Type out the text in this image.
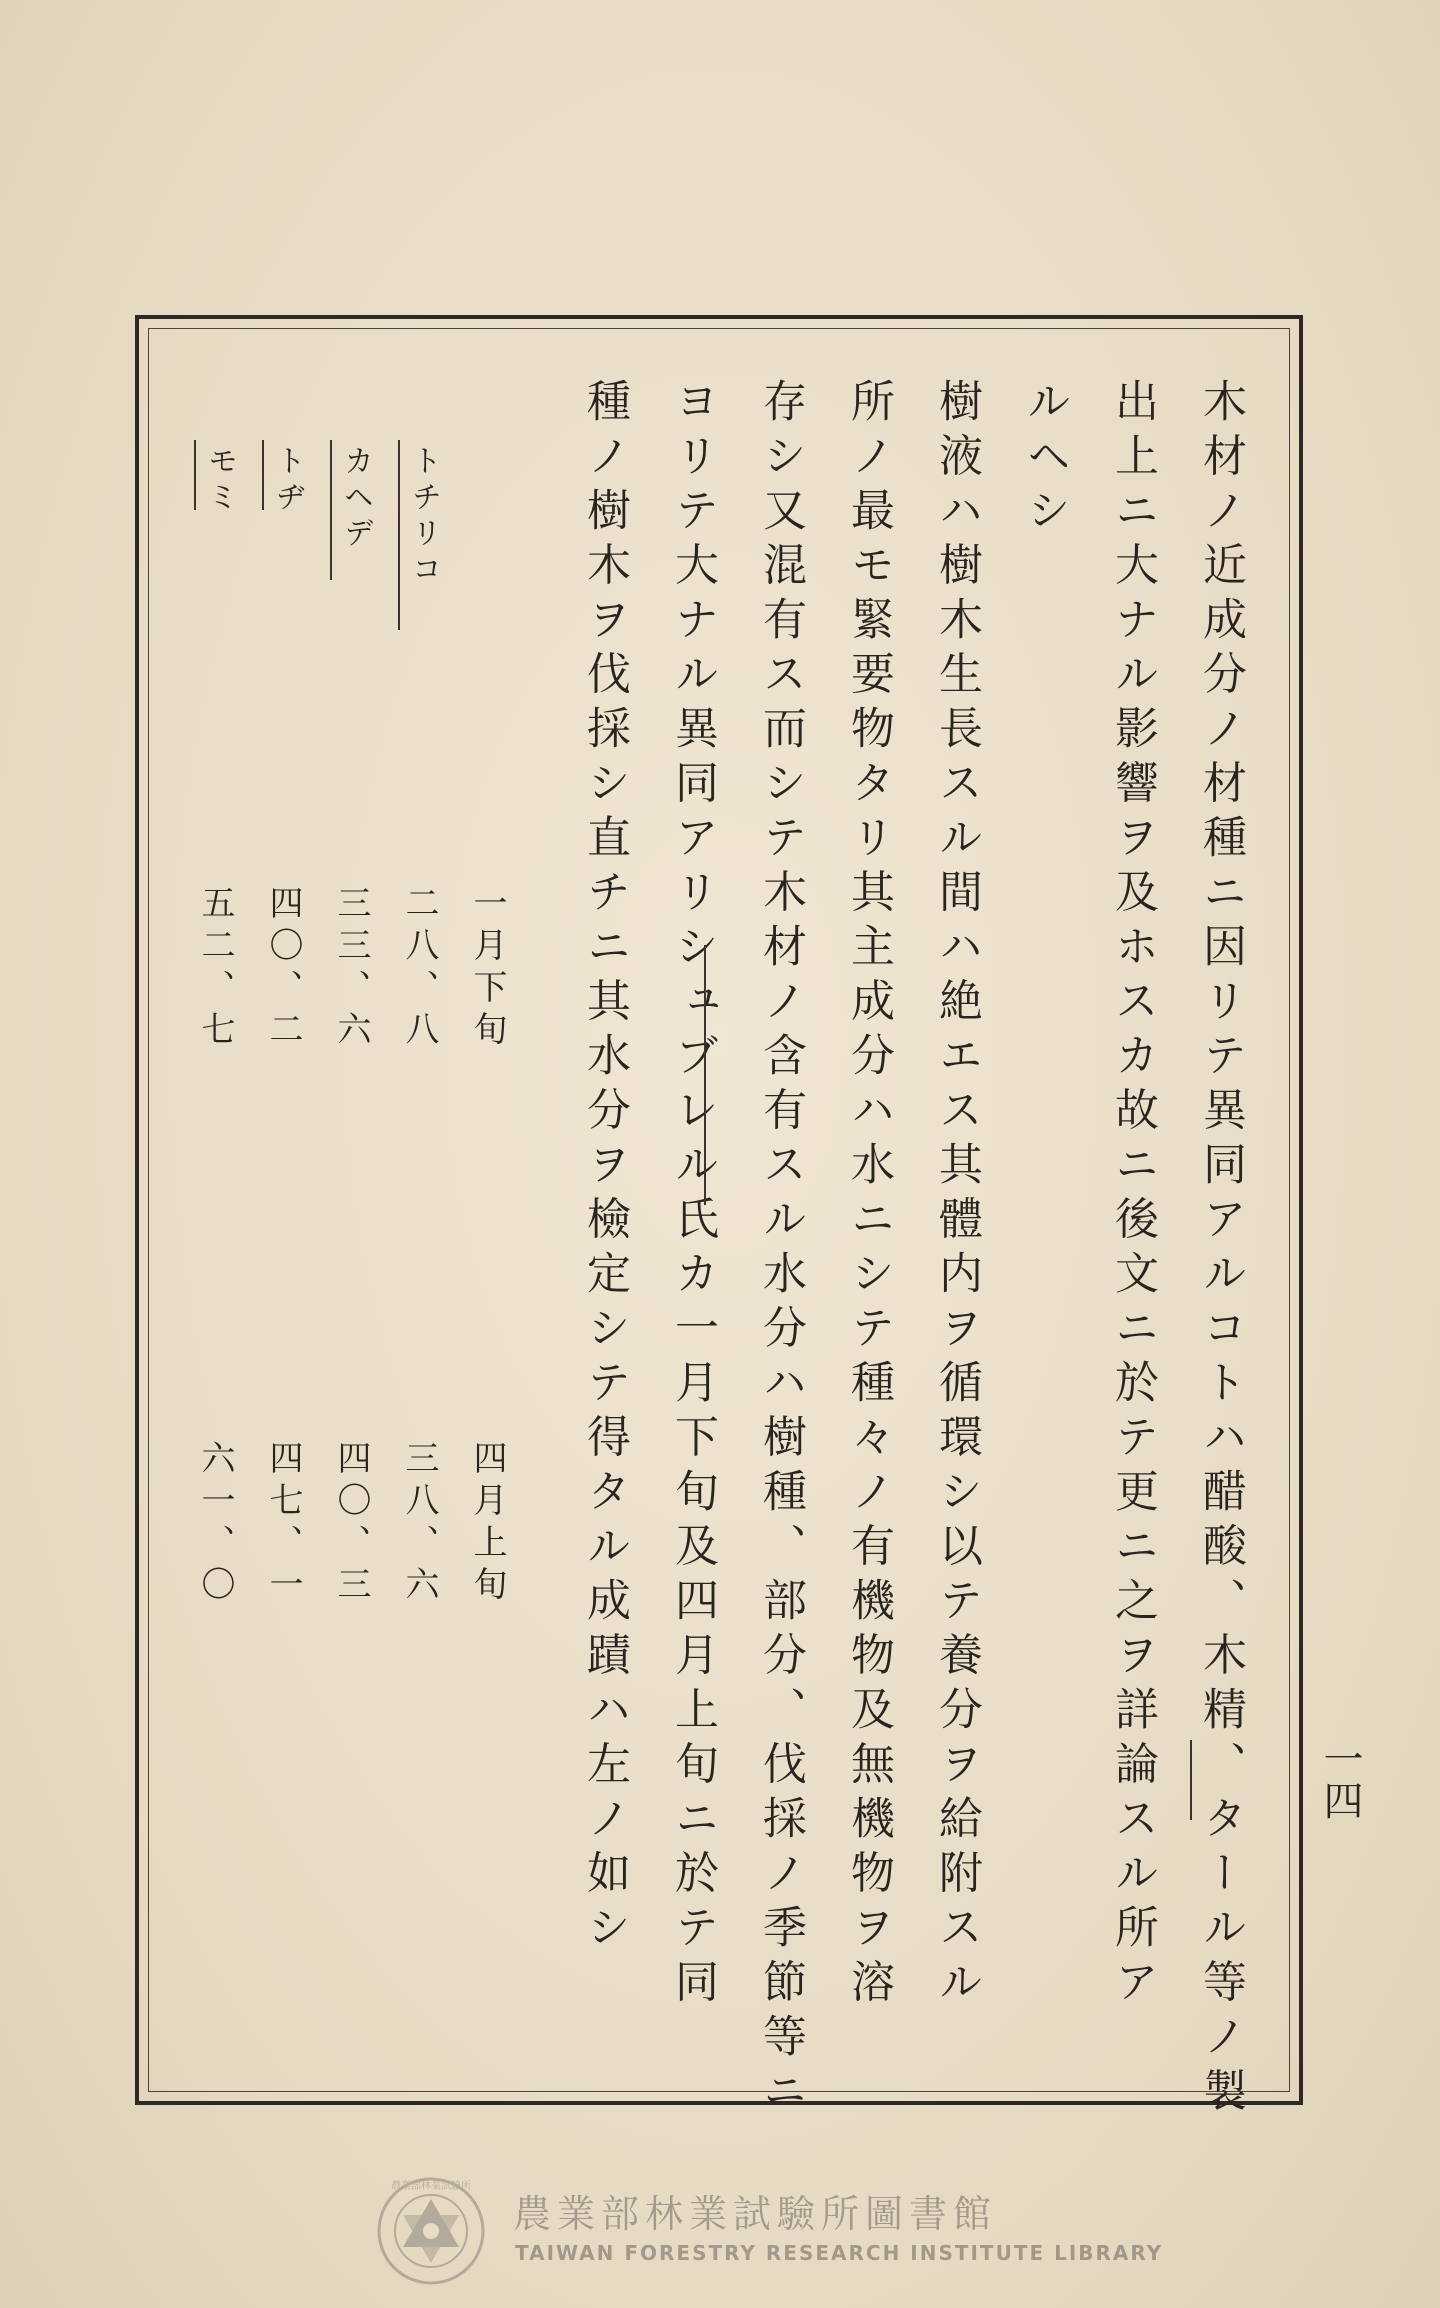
木材ノ近成分ノ材種ニ因リテ異同アルコトハ醋酸、木精、タール等ノ製
出上ニ大ナル影響ヲ及ホスカ故ニ後文ニ於テ更ニ之ヲ詳論スル所ア
ルヘシ
樹液ハ樹木生長スル間ハ絶エス其體内ヲ循環シ以テ養分ヲ給附スル
所ノ最モ緊要物タリ其主成分ハ水ニシテ種々ノ有機物及無機物ヲ溶
存シ又混有ス而シテ木材ノ含有スル水分ハ樹種、部分、伐採ノ季節等ニ
ヨリテ大ナル異同アリシュブレル氏カ一月下旬及四月上旬ニ於テ同
種ノ樹木ヲ伐採シ直チニ其水分ヲ檢定シテ得タル成蹟ハ左ノ如シ
一月下旬
四月上旬
トチリコ
カヘデ
トヂ
モミ
二八、八
三三、六
四〇、二
五二、七
三八、六
四〇、三
四七、一
六一、〇
一四
農業部林業試驗所
農業部林業試驗所圖書館
TAIWAN FORESTRY RESEARCH INSTITUTE LIBRARY
